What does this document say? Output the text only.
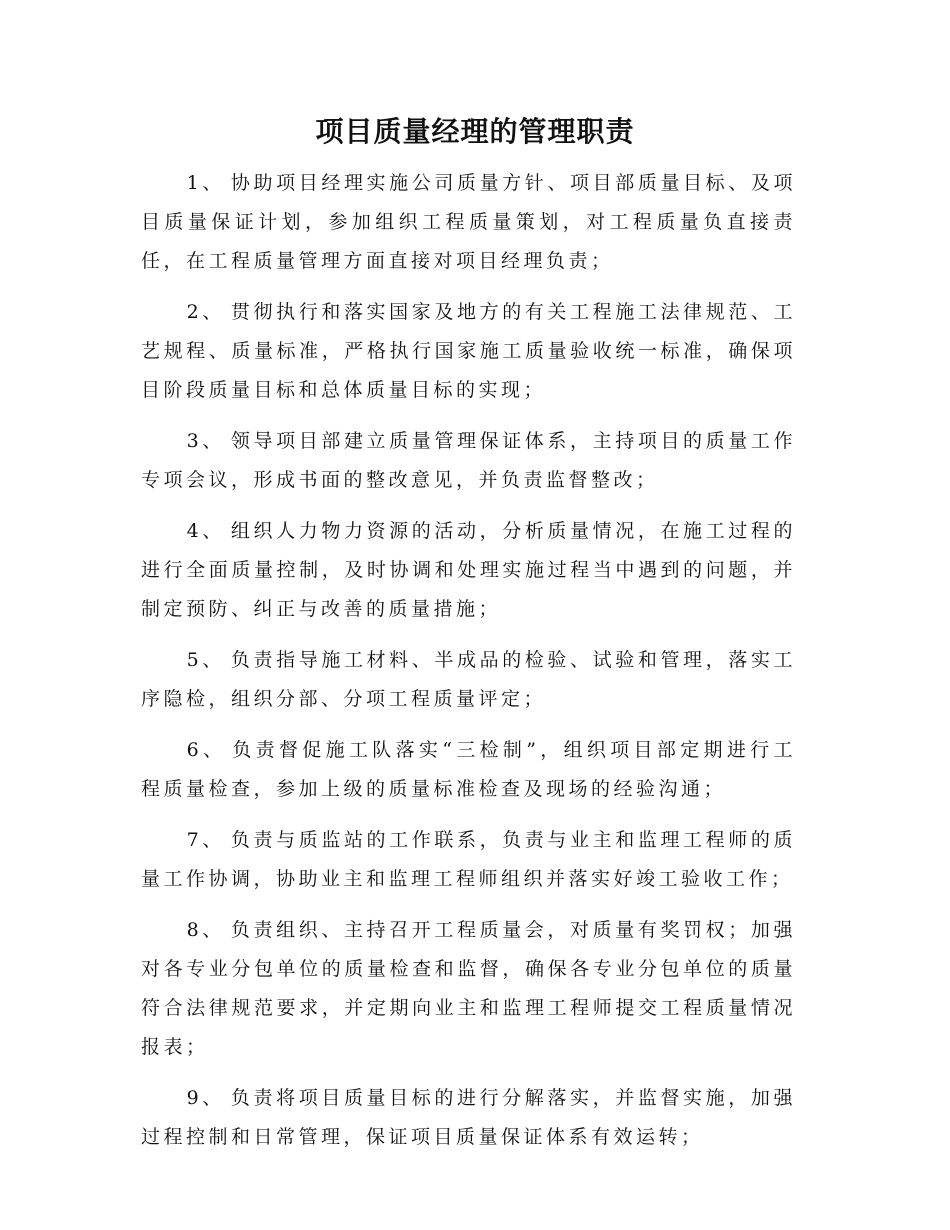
项目质量经理的管理职责

1、 协助项目经理实施公司质量方针、项目部质量目标、及项目质量保证计划，参加组织工程质量策划，对工程质量负直接责任，在工程质量管理方面直接对项目经理负责；

2、 贯彻执行和落实国家及地方的有关工程施工法律规范、工艺规程、质量标准，严格执行国家施工质量验收统一标准，确保项目阶段质量目标和总体质量目标的实现；

3、 领导项目部建立质量管理保证体系，主持项目的质量工作专项会议，形成书面的整改意见，并负责监督整改；

4、 组织人力物力资源的活动，分析质量情况，在施工过程的进行全面质量控制，及时协调和处理实施过程当中遇到的问题，并制定预防、纠正与改善的质量措施；

5、 负责指导施工材料、半成品的检验、试验和管理，落实工序隐检，组织分部、分项工程质量评定；

6、 负责督促施工队落实“三检制”，组织项目部定期进行工程质量检查，参加上级的质量标准检查及现场的经验沟通；

7、 负责与质监站的工作联系，负责与业主和监理工程师的质量工作协调，协助业主和监理工程师组织并落实好竣工验收工作；

8、 负责组织、主持召开工程质量会，对质量有奖罚权；加强对各专业分包单位的质量检查和监督，确保各专业分包单位的质量符合法律规范要求，并定期向业主和监理工程师提交工程质量情况报表；

9、 负责将项目质量目标的进行分解落实，并监督实施，加强过程控制和日常管理，保证项目质量保证体系有效运转；
